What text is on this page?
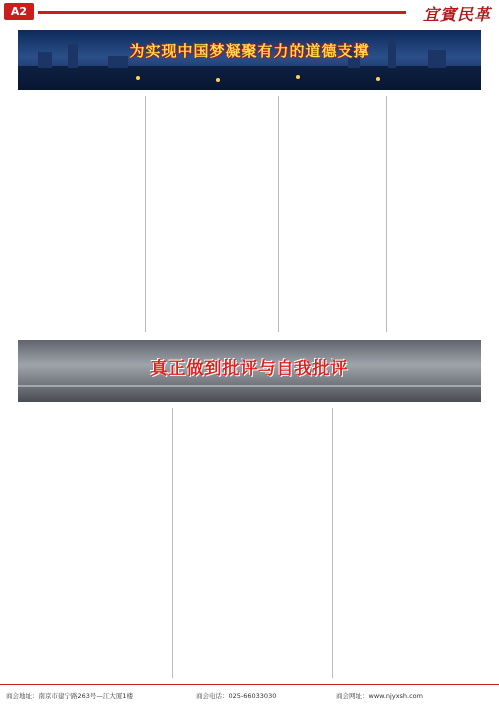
A2	宜賓民革
为实现中国梦凝聚有力的道德支撑
真正做到批评与自我批评
商会地址：南京市建宁路263号—江大厦1楼	商会电话：025-66033030	商会网址：www.njyxsh.com
